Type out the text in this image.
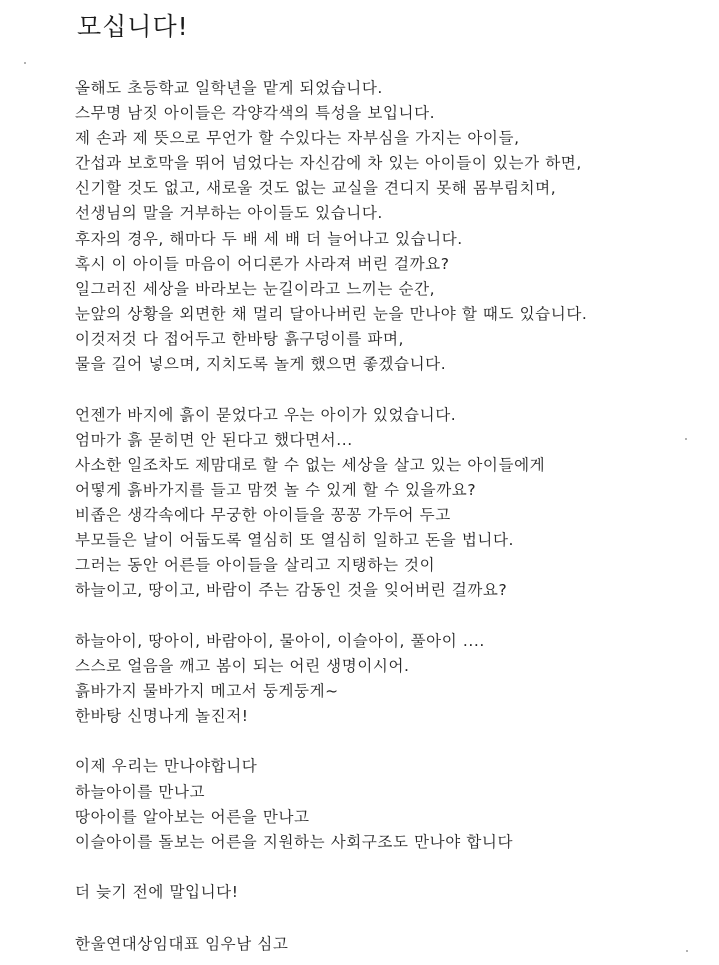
모십니다!
올해도 초등학교 일학년을 맡게 되었습니다.
스무명 남짓 아이들은 각양각색의 특성을 보입니다.
제 손과 제 뜻으로 무언가 할 수있다는 자부심을 가지는 아이들,
간섭과 보호막을 뛰어 넘었다는 자신감에 차 있는 아이들이 있는가 하면,
신기할 것도 없고, 새로울 것도 없는 교실을 견디지 못해 몸부림치며,
선생님의 말을 거부하는 아이들도 있습니다.
후자의 경우, 해마다 두 배 세 배 더 늘어나고 있습니다.
혹시 이 아이들 마음이 어디론가 사라져 버린 걸까요?
일그러진 세상을 바라보는 눈길이라고 느끼는 순간,
눈앞의 상황을 외면한 채 멀리 달아나버린 눈을 만나야 할 때도 있습니다.
이것저것 다 접어두고 한바탕 흙구덩이를 파며,
물을 길어 넣으며, 지치도록 놀게 했으면 좋겠습니다.
언젠가 바지에 흙이 묻었다고 우는 아이가 있었습니다.
엄마가 흙 묻히면 안 된다고 했다면서...
사소한 일조차도 제맘대로 할 수 없는 세상을 살고 있는 아이들에게
어떻게 흙바가지를 들고 맘껏 놀 수 있게 할 수 있을까요?
비좁은 생각속에다 무궁한 아이들을 꽁꽁 가두어 두고
부모들은 날이 어둡도록 열심히 또 열심히 일하고 돈을 법니다.
그러는 동안 어른들 아이들을 살리고 지탱하는 것이
하늘이고, 땅이고, 바람이 주는 감동인 것을 잊어버린 걸까요?
하늘아이, 땅아이, 바람아이, 물아이, 이슬아이, 풀아이 ....
스스로 얼음을 깨고 봄이 되는 어린 생명이시어.
흙바가지 물바가지 메고서 둥게둥게~
한바탕 신명나게 놀진저!
이제 우리는 만나야합니다
하늘아이를 만나고
땅아이를 알아보는 어른을 만나고
이슬아이를 돌보는 어른을 지원하는 사회구조도 만나야 합니다
더 늦기 전에 말입니다!
한울연대상임대표 임우남 심고
